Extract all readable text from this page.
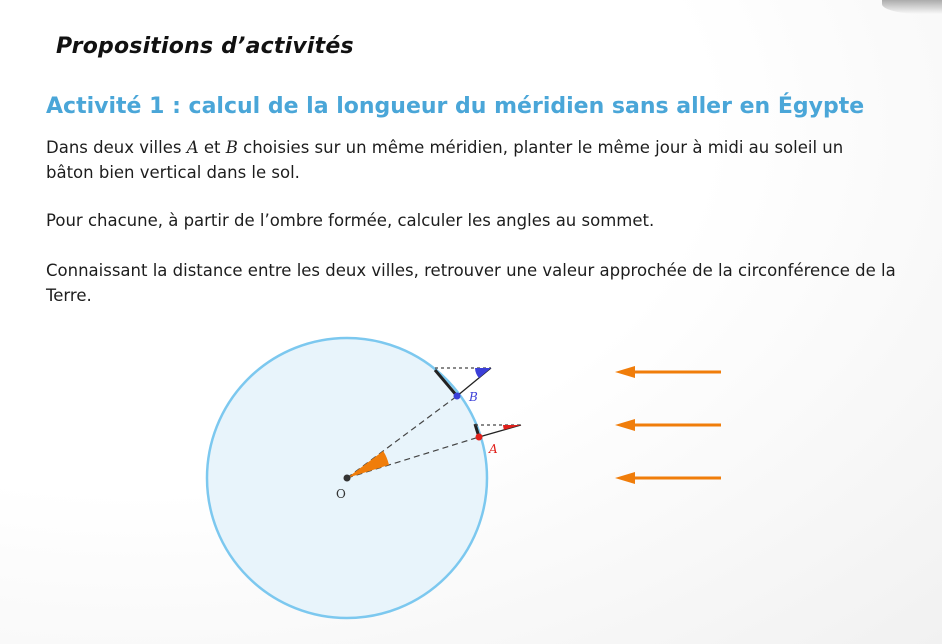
Propositions d’activités
Activité 1 : calcul de la longueur du méridien sans aller en Égypte

Dans deux villes A et B choisies sur un même méridien, planter le même jour à midi au soleil un bâton bien vertical dans le sol.

Pour chacune, à partir de l’ombre formée, calculer les angles au sommet.

Connaissant la distance entre les deux villes, retrouver une valeur approchée de la circonférence de la Terre.

O
B
A
